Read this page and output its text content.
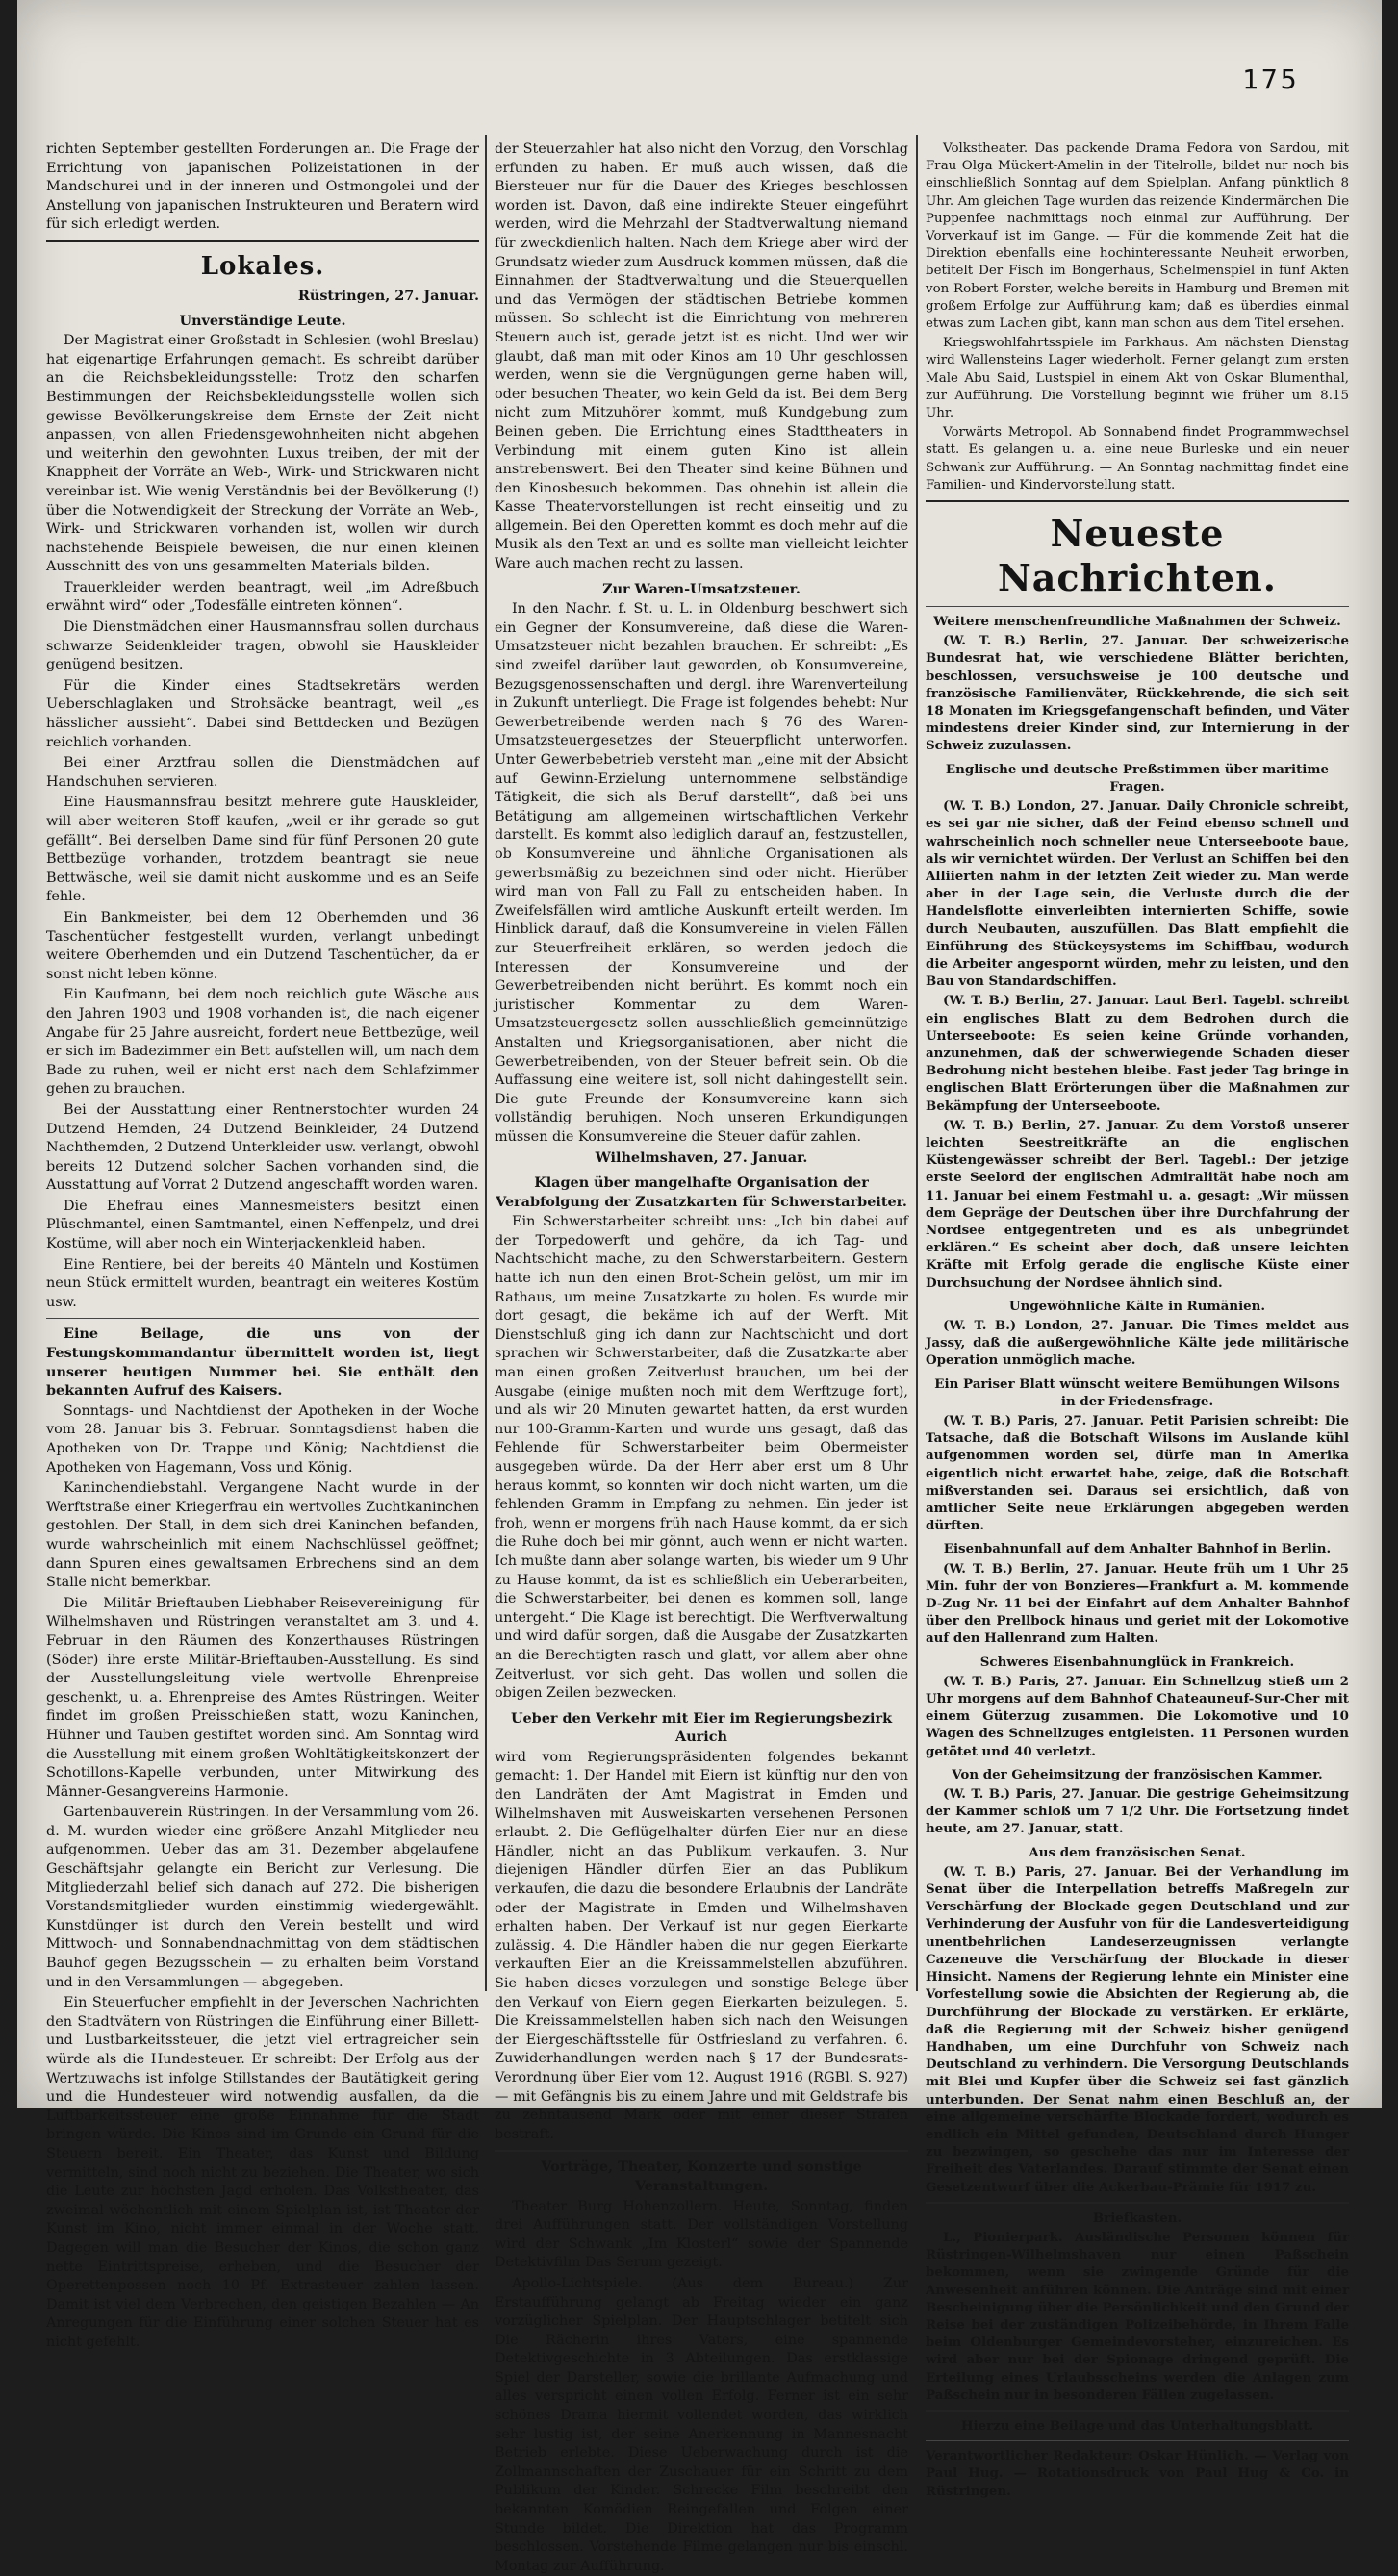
175

richten September gestellten Forderungen an. Die Frage der Errichtung von japanischen Polizeistationen in der Mandschurei und in der inneren und Ostmongolei und der Anstellung von japanischen Instrukteuren und Beratern wird für sich erledigt werden.

Lokales.
Rüstringen, 27. Januar.
Unverständige Leute.

Der Magistrat einer Großstadt in Schlesien (wohl Breslau) hat eigenartige Erfahrungen gemacht. Es schreibt darüber an die Reichsbekleidungsstelle: Trotz den scharfen Bestimmungen der Reichsbekleidungsstelle wollen sich gewisse Bevölkerungskreise dem Ernste der Zeit nicht anpassen, von allen Friedensgewohnheiten nicht abgehen und weiterhin den gewohnten Luxus treiben, der mit der Knappheit der Vorräte an Web-, Wirk- und Strickwaren nicht vereinbar ist. Wie wenig Verständnis bei der Bevölkerung (!) über die Notwendigkeit der Streckung der Vorräte an Web-, Wirk- und Strickwaren vorhanden ist, wollen wir durch nachstehende Beispiele beweisen, die nur einen kleinen Ausschnitt des von uns gesammelten Materials bilden.

Trauerkleider werden beantragt, weil „im Adreßbuch erwähnt wird“ oder „Todesfälle eintreten können“.

Die Dienstmädchen einer Hausmannsfrau sollen durchaus schwarze Seidenkleider tragen, obwohl sie Hauskleider genügend besitzen.

Für die Kinder eines Stadtsekretärs werden Ueberschlaglaken und Strohsäcke beantragt, weil „es hässlicher aussieht“. Dabei sind Bettdecken und Bezügen reichlich vorhanden.

Bei einer Arztfrau sollen die Dienstmädchen auf Handschuhen servieren.

Eine Hausmannsfrau besitzt mehrere gute Hauskleider, will aber weiteren Stoff kaufen, „weil er ihr gerade so gut gefällt“. Bei derselben Dame sind für fünf Personen 20 gute Bettbezüge vorhanden, trotzdem beantragt sie neue Bettwäsche, weil sie damit nicht auskomme und es an Seife fehle.

Ein Bankmeister, bei dem 12 Oberhemden und 36 Taschentücher festgestellt wurden, verlangt unbedingt weitere Oberhemden und ein Dutzend Taschentücher, da er sonst nicht leben könne.

Ein Kaufmann, bei dem noch reichlich gute Wäsche aus den Jahren 1903 und 1908 vorhanden ist, die nach eigener Angabe für 25 Jahre ausreicht, fordert neue Bettbezüge, weil er sich im Badezimmer ein Bett aufstellen will, um nach dem Bade zu ruhen, weil er nicht erst nach dem Schlafzimmer gehen zu brauchen.

Bei der Ausstattung einer Rentnerstochter wurden 24 Dutzend Hemden, 24 Dutzend Beinkleider, 24 Dutzend Nachthemden, 2 Dutzend Unterkleider usw. verlangt, obwohl bereits 12 Dutzend solcher Sachen vorhanden sind, die Ausstattung auf Vorrat 2 Dutzend angeschafft worden waren.

Die Ehefrau eines Mannesmeisters besitzt einen Plüschmantel, einen Samtmantel, einen Neffenpelz, und drei Kostüme, will aber noch ein Winterjackenkleid haben.

Eine Rentiere, bei der bereits 40 Mänteln und Kostümen neun Stück ermittelt wurden, beantragt ein weiteres Kostüm usw.

Eine Beilage, die uns von der Festungskommandantur übermittelt worden ist, liegt unserer heutigen Nummer bei. Sie enthält den bekannten Aufruf des Kaisers.

Sonntags- und Nachtdienst der Apotheken in der Woche vom 28. Januar bis 3. Februar. Sonntagsdienst haben die Apotheken von Dr. Trappe und König; Nachtdienst die Apotheken von Hagemann, Voss und König.

Kaninchendiebstahl. Vergangene Nacht wurde in der Werftstraße einer Kriegerfrau ein wertvolles Zuchtkaninchen gestohlen. Der Stall, in dem sich drei Kaninchen befanden, wurde wahrscheinlich mit einem Nachschlüssel geöffnet; dann Spuren eines gewaltsamen Erbrechens sind an dem Stalle nicht bemerkbar.

Die Militär-Brieftauben-Liebhaber-Reisevereinigung für Wilhelmshaven und Rüstringen veranstaltet am 3. und 4. Februar in den Räumen des Konzerthauses Rüstringen (Söder) ihre erste Militär-Brieftauben-Ausstellung. Es sind der Ausstellungsleitung viele wertvolle Ehrenpreise geschenkt, u. a. Ehrenpreise des Amtes Rüstringen. Weiter findet im großen Preisschießen statt, wozu Kaninchen, Hühner und Tauben gestiftet worden sind. Am Sonntag wird die Ausstellung mit einem großen Wohltätigkeitskonzert der Schotillons-Kapelle verbunden, unter Mitwirkung des Männer-Gesangvereins Harmonie.

Gartenbauverein Rüstringen. In der Versammlung vom 26. d. M. wurden wieder eine größere Anzahl Mitglieder neu aufgenommen. Ueber das am 31. Dezember abgelaufene Geschäftsjahr gelangte ein Bericht zur Verlesung. Die Mitgliederzahl belief sich danach auf 272. Die bisherigen Vorstandsmitglieder wurden einstimmig wiedergewählt. Kunstdünger ist durch den Verein bestellt und wird Mittwoch- und Sonnabendnachmittag von dem städtischen Bauhof gegen Bezugsschein — zu erhalten beim Vorstand und in den Versammlungen — abgegeben.

Ein Steuerfucher empfiehlt in der Jeverschen Nachrichten den Stadtvätern von Rüstringen die Einführung einer Billett- und Lustbarkeitssteuer, die jetzt viel ertragreicher sein würde als die Hundesteuer. Er schreibt: Der Erfolg aus der Wertzuwachs ist infolge Stillstandes der Bautätigkeit gering und die Hundesteuer wird notwendig ausfallen, da die Luftbarkeitssteuer eine große Einnahme für die Stadt bringen würde. Die Kinos sind im Grunde ein Grund für die Steuern bereit. Ein Theater, das Kunst und Bildung vermitteln, sind noch nicht zu beziehen. Die Theater, wo sich die Leute zur höchsten Jagd erholen. Das Volkstheater, das zweimal wöchentlich mit einem Spielplan ist, ist Theater der Kunst im Kino, nicht immer einmal in der Woche statt. Dagegen will man die Besucher der Kinos, die schon ganz nette Eintrittspreise, erheben, und die Besucher der Operettenpossen noch 10 Pf. Extrasteuer zahlen lassen. Damit ist viel dem Verbrechen, den geistigen Bezahlen — An Anregungen für die Einführung einer solchen Steuer hat es nicht gefehlt.

der Steuerzahler hat also nicht den Vorzug, den Vorschlag erfunden zu haben. Er muß auch wissen, daß die Biersteuer nur für die Dauer des Krieges beschlossen worden ist. Davon, daß eine indirekte Steuer eingeführt werden, wird die Mehrzahl der Stadtverwaltung niemand für zweckdienlich halten. Nach dem Kriege aber wird der Grundsatz wieder zum Ausdruck kommen müssen, daß die Einnahmen der Stadtverwaltung und die Steuerquellen und das Vermögen der städtischen Betriebe kommen müssen. So schlecht ist die Einrichtung von mehreren Steuern auch ist, gerade jetzt ist es nicht. Und wer wir glaubt, daß man mit oder Kinos am 10 Uhr geschlossen werden, wenn sie die Vergnügungen gerne haben will, oder besuchen Theater, wo kein Geld da ist. Bei dem Berg nicht zum Mitzuhörer kommt, muß Kundgebung zum Beinen geben. Die Errichtung eines Stadttheaters in Verbindung mit einem guten Kino ist allein anstrebenswert. Bei den Theater sind keine Bühnen und den Kinosbesuch bekommen. Das ohnehin ist allein die Kasse Theatervorstellungen ist recht einseitig und zu allgemein. Bei den Operetten kommt es doch mehr auf die Musik als den Text an und es sollte man vielleicht leichter Ware auch machen recht zu lassen.

Zur Waren-Umsatzsteuer.

In den Nachr. f. St. u. L. in Oldenburg beschwert sich ein Gegner der Konsumvereine, daß diese die Waren-Umsatzsteuer nicht bezahlen brauchen. Er schreibt: „Es sind zweifel darüber laut geworden, ob Konsumvereine, Bezugsgenossenschaften und dergl. ihre Warenverteilung in Zukunft unterliegt. Die Frage ist folgendes behebt: Nur Gewerbetreibende werden nach § 76 des Waren-Umsatzsteuergesetzes der Steuerpflicht unterworfen. Unter Gewerbebetrieb versteht man „eine mit der Absicht auf Gewinn-Erzielung unternommene selbständige Tätigkeit, die sich als Beruf darstellt“, daß bei uns Betätigung am allgemeinen wirtschaftlichen Verkehr darstellt. Es kommt also lediglich darauf an, festzustellen, ob Konsumvereine und ähnliche Organisationen als gewerbsmäßig zu bezeichnen sind oder nicht. Hierüber wird man von Fall zu Fall zu entscheiden haben. In Zweifelsfällen wird amtliche Auskunft erteilt werden. Im Hinblick darauf, daß die Konsumvereine in vielen Fällen zur Steuerfreiheit erklären, so werden jedoch die Interessen der Konsumvereine und der Gewerbetreibenden nicht berührt. Es kommt noch ein juristischer Kommentar zu dem Waren-Umsatzsteuergesetz sollen ausschließlich gemeinnützige Anstalten und Kriegsorganisationen, aber nicht die Gewerbetreibenden, von der Steuer befreit sein. Ob die Auffassung eine weitere ist, soll nicht dahingestellt sein. Die gute Freunde der Konsumvereine kann sich vollständig beruhigen. Noch unseren Erkundigungen müssen die Konsumvereine die Steuer dafür zahlen.

Wilhelmshaven, 27. Januar.
Klagen über mangelhafte Organisation der Verabfolgung der Zusatzkarten für Schwerstarbeiter.

Ein Schwerstarbeiter schreibt uns: „Ich bin dabei auf der Torpedowerft und gehöre, da ich Tag- und Nachtschicht mache, zu den Schwerstarbeitern. Gestern hatte ich nun den einen Brot-Schein gelöst, um mir im Rathaus, um meine Zusatzkarte zu holen. Es wurde mir dort gesagt, die bekäme ich auf der Werft. Mit Dienstschluß ging ich dann zur Nachtschicht und dort sprachen wir Schwerstarbeiter, daß die Zusatzkarte aber man einen großen Zeitverlust brauchen, um bei der Ausgabe (einige mußten noch mit dem Werftzuge fort), und als wir 20 Minuten gewartet hatten, da erst wurden nur 100-Gramm-Karten und wurde uns gesagt, daß das Fehlende für Schwerstarbeiter beim Obermeister ausgegeben würde. Da der Herr aber erst um 8 Uhr heraus kommt, so konnten wir doch nicht warten, um die fehlenden Gramm in Empfang zu nehmen. Ein jeder ist froh, wenn er morgens früh nach Hause kommt, da er sich die Ruhe doch bei mir gönnt, auch wenn er nicht warten. Ich mußte dann aber solange warten, bis wieder um 9 Uhr zu Hause kommt, da ist es schließlich ein Ueberarbeiten, die Schwerstarbeiter, bei denen es kommen soll, lange untergeht.“ Die Klage ist berechtigt. Die Werftverwaltung und wird dafür sorgen, daß die Ausgabe der Zusatzkarten an die Berechtigten rasch und glatt, vor allem aber ohne Zeitverlust, vor sich geht. Das wollen und sollen die obigen Zeilen bezwecken.

Ueber den Verkehr mit Eier im Regierungsbezirk Aurich

wird vom Regierungspräsidenten folgendes bekannt gemacht: 1. Der Handel mit Eiern ist künftig nur den von den Landräten der Amt Magistrat in Emden und Wilhelmshaven mit Ausweiskarten versehenen Personen erlaubt. 2. Die Geflügelhalter dürfen Eier nur an diese Händler, nicht an das Publikum verkaufen. 3. Nur diejenigen Händler dürfen Eier an das Publikum verkaufen, die dazu die besondere Erlaubnis der Landräte oder der Magistrate in Emden und Wilhelmshaven erhalten haben. Der Verkauf ist nur gegen Eierkarte zulässig. 4. Die Händler haben die nur gegen Eierkarte verkauften Eier an die Kreissammelstellen abzuführen. Sie haben dieses vorzulegen und sonstige Belege über den Verkauf von Eiern gegen Eierkarten beizulegen. 5. Die Kreissammelstellen haben sich nach den Weisungen der Eiergeschäftsstelle für Ostfriesland zu verfahren. 6. Zuwiderhandlungen werden nach § 17 der Bundesrats-Verordnung über Eier vom 12. August 1916 (RGBl. S. 927) — mit Gefängnis bis zu einem Jahre und mit Geldstrafe bis zu zehntausend Mark oder mit einer dieser Strafen bestraft.

Vorträge, Theater, Konzerte und sonstige Veranstaltungen.

Theater Burg Hohenzollern. Heute, Sonntag, finden drei Aufführungen statt. Der vollständigen Vorstellung wird der Schwank „Im Klosterl“ sowie der Spannende Detektivfilm Das Serum gezeigt.

Apollo-Lichtspiele. (Aus dem Bureau.) Zur Erstaufführung gelangt ab Freitag wieder ein ganz vorzüglicher Spielplan. Der Hauptschlager betitelt sich Die Rächerin ihres Vaters, eine spannende Detektivgeschichte in 3 Abteilungen. Das erstklassige Spiel der Darsteller, sowie die brillante Aufmachung und alles verspricht einen vollen Erfolg. Ferner ist ein sehr schönes Drama hiermit vollendet worden, das wirklich sehr lustig ist, der seine Anerkennung in Mannesnacht Betrieb erlebte. Diese Ueberwachung durch ist die Zollmannschaften der Zuschauer für ein Schritt zu dem Publikum der Kinder. Schrecke Film beschreibt den bekannten Komödien Reingefallen und Folgen einer Stunde bildet. Die Direktion hat das Programm beschlossen. Vorstehende Filme gelangen nur bis einschl. Montag zur Aufführung.

Volkstheater. Das packende Drama Fedora von Sardou, mit Frau Olga Mückert-Amelin in der Titelrolle, bildet nur noch bis einschließlich Sonntag auf dem Spielplan. Anfang pünktlich 8 Uhr. Am gleichen Tage wurden das reizende Kindermärchen Die Puppenfee nachmittags noch einmal zur Aufführung. Der Vorverkauf ist im Gange. — Für die kommende Zeit hat die Direktion ebenfalls eine hochinteressante Neuheit erworben, betitelt Der Fisch im Bongerhaus, Schelmenspiel in fünf Akten von Robert Forster, welche bereits in Hamburg und Bremen mit großem Erfolge zur Aufführung kam; daß es überdies einmal etwas zum Lachen gibt, kann man schon aus dem Titel ersehen.

Kriegswohlfahrtsspiele im Parkhaus. Am nächsten Dienstag wird Wallensteins Lager wiederholt. Ferner gelangt zum ersten Male Abu Said, Lustspiel in einem Akt von Oskar Blumenthal, zur Aufführung. Die Vorstellung beginnt wie früher um 8.15 Uhr.

Vorwärts Metropol. Ab Sonnabend findet Programmwechsel statt. Es gelangen u. a. eine neue Burleske und ein neuer Schwank zur Aufführung. — An Sonntag nachmittag findet eine Familien- und Kindervorstellung statt.

Neueste Nachrichten.
Weitere menschenfreundliche Maßnahmen der Schweiz.

(W. T. B.) Berlin, 27. Januar. Der schweizerische Bundesrat hat, wie verschiedene Blätter berichten, beschlossen, versuchsweise je 100 deutsche und französische Familienväter, Rückkehrende, die sich seit 18 Monaten im Kriegsgefangenschaft befinden, und Väter mindestens dreier Kinder sind, zur Internierung in der Schweiz zuzulassen.

Englische und deutsche Preßstimmen über maritime Fragen.

(W. T. B.) London, 27. Januar. Daily Chronicle schreibt, es sei gar nie sicher, daß der Feind ebenso schnell und wahrscheinlich noch schneller neue Unterseeboote baue, als wir vernichtet würden. Der Verlust an Schiffen bei den Alliierten nahm in der letzten Zeit wieder zu. Man werde aber in der Lage sein, die Verluste durch die der Handelsflotte einverleibten internierten Schiffe, sowie durch Neubauten, auszufüllen. Das Blatt empfiehlt die Einführung des Stückeysystems im Schiffbau, wodurch die Arbeiter angespornt würden, mehr zu leisten, und den Bau von Standardschiffen.

(W. T. B.) Berlin, 27. Januar. Laut Berl. Tagebl. schreibt ein englisches Blatt zu dem Bedrohen durch die Unterseeboote: Es seien keine Gründe vorhanden, anzunehmen, daß der schwerwiegende Schaden dieser Bedrohung nicht bestehen bleibe. Fast jeder Tag bringe in englischen Blatt Erörterungen über die Maßnahmen zur Bekämpfung der Unterseeboote.

(W. T. B.) Berlin, 27. Januar. Zu dem Vorstoß unserer leichten Seestreitkräfte an die englischen Küstengewässer schreibt der Berl. Tagebl.: Der jetzige erste Seelord der englischen Admiralität habe noch am 11. Januar bei einem Festmahl u. a. gesagt: „Wir müssen dem Gepräge der Deutschen über ihre Durchfahrung der Nordsee entgegentreten und es als unbegründet erklären.“ Es scheint aber doch, daß unsere leichten Kräfte mit Erfolg gerade die englische Küste einer Durchsuchung der Nordsee ähnlich sind.

Ungewöhnliche Kälte in Rumänien.

(W. T. B.) London, 27. Januar. Die Times meldet aus Jassy, daß die außergewöhnliche Kälte jede militärische Operation unmöglich mache.

Ein Pariser Blatt wünscht weitere Bemühungen Wilsons in der Friedensfrage.

(W. T. B.) Paris, 27. Januar. Petit Parisien schreibt: Die Tatsache, daß die Botschaft Wilsons im Auslande kühl aufgenommen worden sei, dürfe man in Amerika eigentlich nicht erwartet habe, zeige, daß die Botschaft mißverstanden sei. Daraus sei ersichtlich, daß von amtlicher Seite neue Erklärungen abgegeben werden dürften.

Eisenbahnunfall auf dem Anhalter Bahnhof in Berlin.

(W. T. B.) Berlin, 27. Januar. Heute früh um 1 Uhr 25 Min. fuhr der von Bonzieres—Frankfurt a. M. kommende D-Zug Nr. 11 bei der Einfahrt auf dem Anhalter Bahnhof über den Prellbock hinaus und geriet mit der Lokomotive auf den Hallenrand zum Halten.

Schweres Eisenbahnunglück in Frankreich.

(W. T. B.) Paris, 27. Januar. Ein Schnellzug stieß um 2 Uhr morgens auf dem Bahnhof Chateauneuf-Sur-Cher mit einem Güterzug zusammen. Die Lokomotive und 10 Wagen des Schnellzuges entgleisten. 11 Personen wurden getötet und 40 verletzt.

Von der Geheimsitzung der französischen Kammer.

(W. T. B.) Paris, 27. Januar. Die gestrige Geheimsitzung der Kammer schloß um 7 1/2 Uhr. Die Fortsetzung findet heute, am 27. Januar, statt.

Aus dem französischen Senat.

(W. T. B.) Paris, 27. Januar. Bei der Verhandlung im Senat über die Interpellation betreffs Maßregeln zur Verschärfung der Blockade gegen Deutschland und zur Verhinderung der Ausfuhr von für die Landesverteidigung unentbehrlichen Landeserzeugnissen verlangte Cazeneuve die Verschärfung der Blockade in dieser Hinsicht. Namens der Regierung lehnte ein Minister eine Vorfestellung sowie die Absichten der Regierung ab, die Durchführung der Blockade zu verstärken. Er erklärte, daß die Regierung mit der Schweiz bisher genügend Handhaben, um eine Durchfuhr von Schweiz nach Deutschland zu verhindern. Die Versorgung Deutschlands mit Blei und Kupfer über die Schweiz sei fast gänzlich unterbunden. Der Senat nahm einen Beschluß an, der eine allgemeine verschärfte Blockade fordert, wodurch es endlich ein Mittel gefunden, Deutschland durch Hunger zu bezwingen, so geschehe das nur im Interesse der Freiheit des Vaterlandes. Darauf stimmte der Senat einen Gesetzentwurf über die Ackerbau-Prämie für 1917 zu.

Briefkasten.

L., Pionierpark. Ausländische Personen können für Rüstringen-Wilhelmshaven nur einen Paßschein bekommen, wenn sie zwingende Gründe für die Anwesenheit anführen können. Die Anträge sind mit einer Bescheinigung über die Persönlichkeit und den Grund der Reise bei der zuständigen Polizeibehörde, in Ihrem Falle beim Oldenburger Gemeindevorsteher, einzureichen. Es wird aber nur bei der Spionage dringend geprüft. Die Erteilung eines Urlaubsscheins werden die Anlagen zum Paßschein nur in besonderen Fällen zugelassen.

Hierzu eine Beilage und das Unterhaltungsblatt.

Verantwortlicher Redakteur: Oskar Hünlich. — Verlag von Paul Hug. — Rotationsdruck von Paul Hug & Co. in Rüstringen.
